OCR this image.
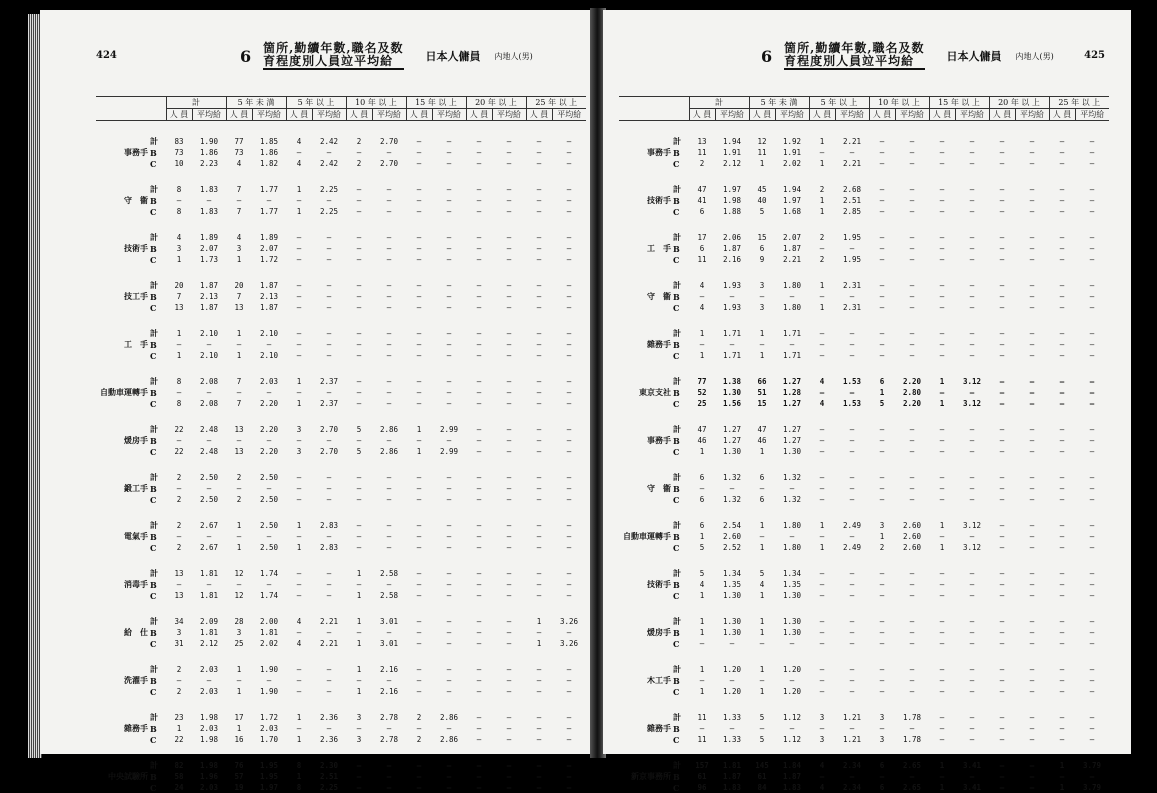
424	6 箇所,勤續年數,職名及数
育程度別人員竝平均給	日本人傭員 内地人(男)
		計		5 年 未 満		5 年 以 上		10 年 以 上		15 年 以 上		20 年 以 上		25 年 以 上	
		人 員	平均給	人 員	平均給	人 員	平均給	人 員	平均給	人 員	平均給	人 員	平均給	人 員	平均給

事務手	計	83	1.90	77	1.85	4	2.42	2	2.70	—	—	—	—	—	—
	B	73	1.86	73	1.86	—	—	—	—	—	—	—	—	—	—
	C	10	2.23	4	1.82	4	2.42	2	2.70	—	—	—	—	—	—

守　衞	計	8	1.83	7	1.77	1	2.25	—	—	—	—	—	—	—	—
	B	—	—	—	—	—	—	—	—	—	—	—	—	—	—
	C	8	1.83	7	1.77	1	2.25	—	—	—	—	—	—	—	—

技術手	計	4	1.89	4	1.89	—	—	—	—	—	—	—	—	—	—
	B	3	2.07	3	2.07	—	—	—	—	—	—	—	—	—	—
	C	1	1.73	1	1.72	—	—	—	—	—	—	—	—	—	—

技工手	計	20	1.87	20	1.87	—	—	—	—	—	—	—	—	—	—
	B	7	2.13	7	2.13	—	—	—	—	—	—	—	—	—	—
	C	13	1.87	13	1.87	—	—	—	—	—	—	—	—	—	—

工　手	計	1	2.10	1	2.10	—	—	—	—	—	—	—	—	—	—
	B	—	—	—	—	—	—	—	—	—	—	—	—	—	—
	C	1	2.10	1	2.10	—	—	—	—	—	—	—	—	—	—

自動車運轉手	計	8	2.08	7	2.03	1	2.37	—	—	—	—	—	—	—	—
	B	—	—	—	—	—	—	—	—	—	—	—	—	—	—
	C	8	2.08	7	2.20	1	2.37	—	—	—	—	—	—	—	—

煖房手	計	22	2.48	13	2.20	3	2.70	5	2.86	1	2.99	—	—	—	—
	B	—	—	—	—	—	—	—	—	—	—	—	—	—	—
	C	22	2.48	13	2.20	3	2.70	5	2.86	1	2.99	—	—	—	—

鍛工手	計	2	2.50	2	2.50	—	—	—	—	—	—	—	—	—	—
	B	—	—	—	—	—	—	—	—	—	—	—	—	—	—
	C	2	2.50	2	2.50	—	—	—	—	—	—	—	—	—	—

電氣手	計	2	2.67	1	2.50	1	2.83	—	—	—	—	—	—	—	—
	B	—	—	—	—	—	—	—	—	—	—	—	—	—	—
	C	2	2.67	1	2.50	1	2.83	—	—	—	—	—	—	—	—

消毒手	計	13	1.81	12	1.74	—	—	1	2.58	—	—	—	—	—	—
	B	—	—	—	—	—	—	—	—	—	—	—	—	—	—
	C	13	1.81	12	1.74	—	—	1	2.58	—	—	—	—	—	—

給　仕	計	34	2.09	28	2.00	4	2.21	1	3.01	—	—	—	—	1	3.26
	B	3	1.81	3	1.81	—	—	—	—	—	—	—	—	—	—
	C	31	2.12	25	2.02	4	2.21	1	3.01	—	—	—	—	1	3.26

洗濯手	計	2	2.03	1	1.90	—	—	1	2.16	—	—	—	—	—	—
	B	—	—	—	—	—	—	—	—	—	—	—	—	—	—
	C	2	2.03	1	1.90	—	—	1	2.16	—	—	—	—	—	—

雜務手	計	23	1.98	17	1.72	1	2.36	3	2.78	2	2.86	—	—	—	—
	B	1	2.03	1	2.03	—	—	—	—	—	—	—	—	—	—
	C	22	1.98	16	1.70	1	2.36	3	2.78	2	2.86	—	—	—	—

中央試驗所	計	82	1.98	76	1.95	8	2.30	—	—	—	—	—	—	—	—
	B	58	1.96	57	1.95	1	2.51	—	—	—	—	—	—	—	—
	C	24	2.03	19	1.97	8	2.25	—	—	—	—	—	—	—	—
425
6 箇所,勤續年數,職名及数
育程度別人員竝平均給	日本人傭員 内地人(男)
		計		5 年 未 満		5 年 以 上		10 年 以 上		15 年 以 上		20 年 以 上		25 年 以 上	
		人 員	平均給	人 員	平均給	人 員	平均給	人 員	平均給	人 員	平均給	人 員	平均給	人 員	平均給

事務手	計	13	1.94	12	1.92	1	2.21	—	—	—	—	—	—	—	—
	B	11	1.91	11	1.91	—	—	—	—	—	—	—	—	—	—
	C	2	2.12	1	2.02	1	2.21	—	—	—	—	—	—	—	—

技術手	計	47	1.97	45	1.94	2	2.68	—	—	—	—	—	—	—	—
	B	41	1.98	40	1.97	1	2.51	—	—	—	—	—	—	—	—
	C	6	1.88	5	1.68	1	2.85	—	—	—	—	—	—	—	—

工　手	計	17	2.06	15	2.07	2	1.95	—	—	—	—	—	—	—	—
	B	6	1.87	6	1.87	—	—	—	—	—	—	—	—	—	—
	C	11	2.16	9	2.21	2	1.95	—	—	—	—	—	—	—	—

守　衞	計	4	1.93	3	1.80	1	2.31	—	—	—	—	—	—	—	—
	B	—	—	—	—	—	—	—	—	—	—	—	—	—	—
	C	4	1.93	3	1.80	1	2.31	—	—	—	—	—	—	—	—

雜務手	計	1	1.71	1	1.71	—	—	—	—	—	—	—	—	—	—
	B	—	—	—	—	—	—	—	—	—	—	—	—	—	—
	C	1	1.71	1	1.71	—	—	—	—	—	—	—	—	—	—

東京支社	計	77	1.38	66	1.27	4	1.53	6	2.20	1	3.12	—	—	—	—
	B	52	1.30	51	1.28	—	—	1	2.80	—	—	—	—	—	—
	C	25	1.56	15	1.27	4	1.53	5	2.20	1	3.12	—	—	—	—

事務手	計	47	1.27	47	1.27	—	—	—	—	—	—	—	—	—	—
	B	46	1.27	46	1.27	—	—	—	—	—	—	—	—	—	—
	C	1	1.30	1	1.30	—	—	—	—	—	—	—	—	—	—

守　衞	計	6	1.32	6	1.32	—	—	—	—	—	—	—	—	—	—
	B	—	—	—	—	—	—	—	—	—	—	—	—	—	—
	C	6	1.32	6	1.32	—	—	—	—	—	—	—	—	—	—

自動車運轉手	計	6	2.54	1	1.80	1	2.49	3	2.60	1	3.12	—	—	—	—
	B	1	2.60	—	—	—	—	1	2.60	—	—	—	—	—	—
	C	5	2.52	1	1.80	1	2.49	2	2.60	1	3.12	—	—	—	—

技術手	計	5	1.34	5	1.34	—	—	—	—	—	—	—	—	—	—
	B	4	1.35	4	1.35	—	—	—	—	—	—	—	—	—	—
	C	1	1.30	1	1.30	—	—	—	—	—	—	—	—	—	—

煖房手	計	1	1.30	1	1.30	—	—	—	—	—	—	—	—	—	—
	B	1	1.30	1	1.30	—	—	—	—	—	—	—	—	—	—
	C	—	—	—	—	—	—	—	—	—	—	—	—	—	—

木工手	計	1	1.20	1	1.20	—	—	—	—	—	—	—	—	—	—
	B	—	—	—	—	—	—	—	—	—	—	—	—	—	—
	C	1	1.20	1	1.20	—	—	—	—	—	—	—	—	—	—

雜務手	計	11	1.33	5	1.12	3	1.21	3	1.78	—	—	—	—	—	—
	B	—	—	—	—	—	—	—	—	—	—	—	—	—	—
	C	11	1.33	5	1.12	3	1.21	3	1.78	—	—	—	—	—	—

新京事務所	計	157	1.81	145	1.84	4	2.34	6	2.65	1	3.41	—	—	1	3.79
	B	61	1.87	61	1.87	—	—	—	—	—	—	—	—	—	—
	C	96	1.83	84	1.83	4	2.34	6	2.65	1	3.41	—	—	1	3.79
